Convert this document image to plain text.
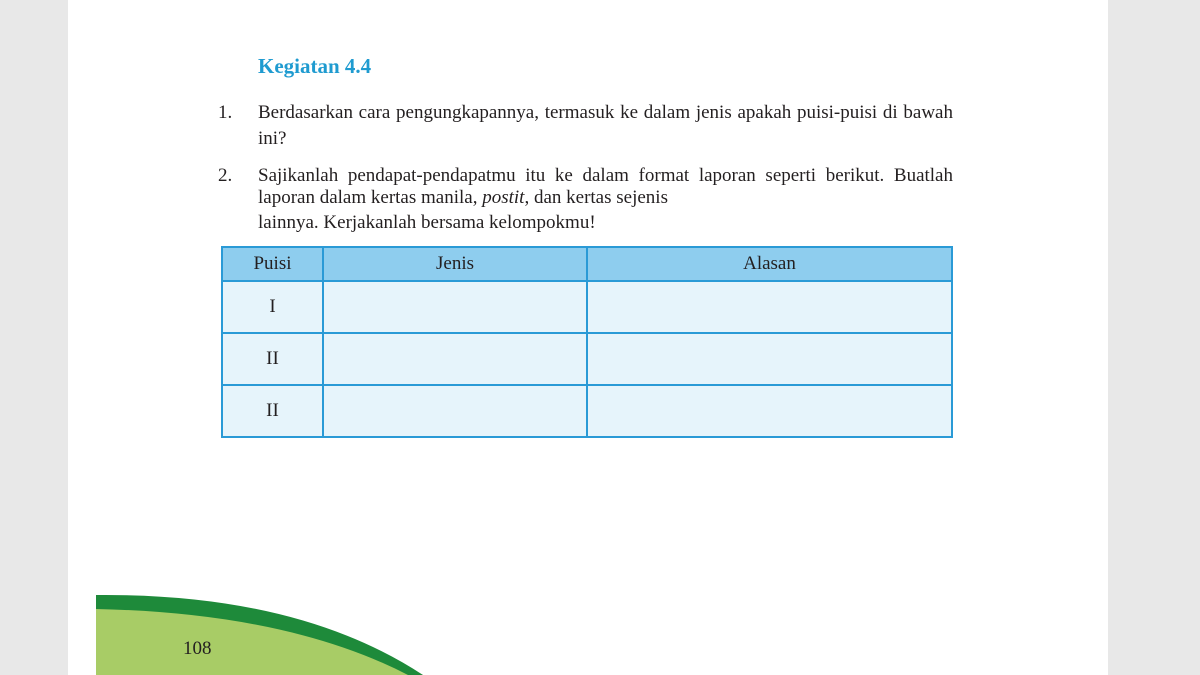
Kegiatan 4.4
1. Berdasarkan cara pengungkapannya, termasuk ke dalam jenis apakah puisi-puisi di bawah ini?
2. Sajikanlah pendapat-pendapatmu itu ke dalam format laporan seperti berikut. Buatlah laporan dalam kertas manila, postit, dan kertas sejenis
lainnya. Kerjakanlah bersama kelompokmu!
Puisi	Jenis	Alasan
I		
II		
II		
108
